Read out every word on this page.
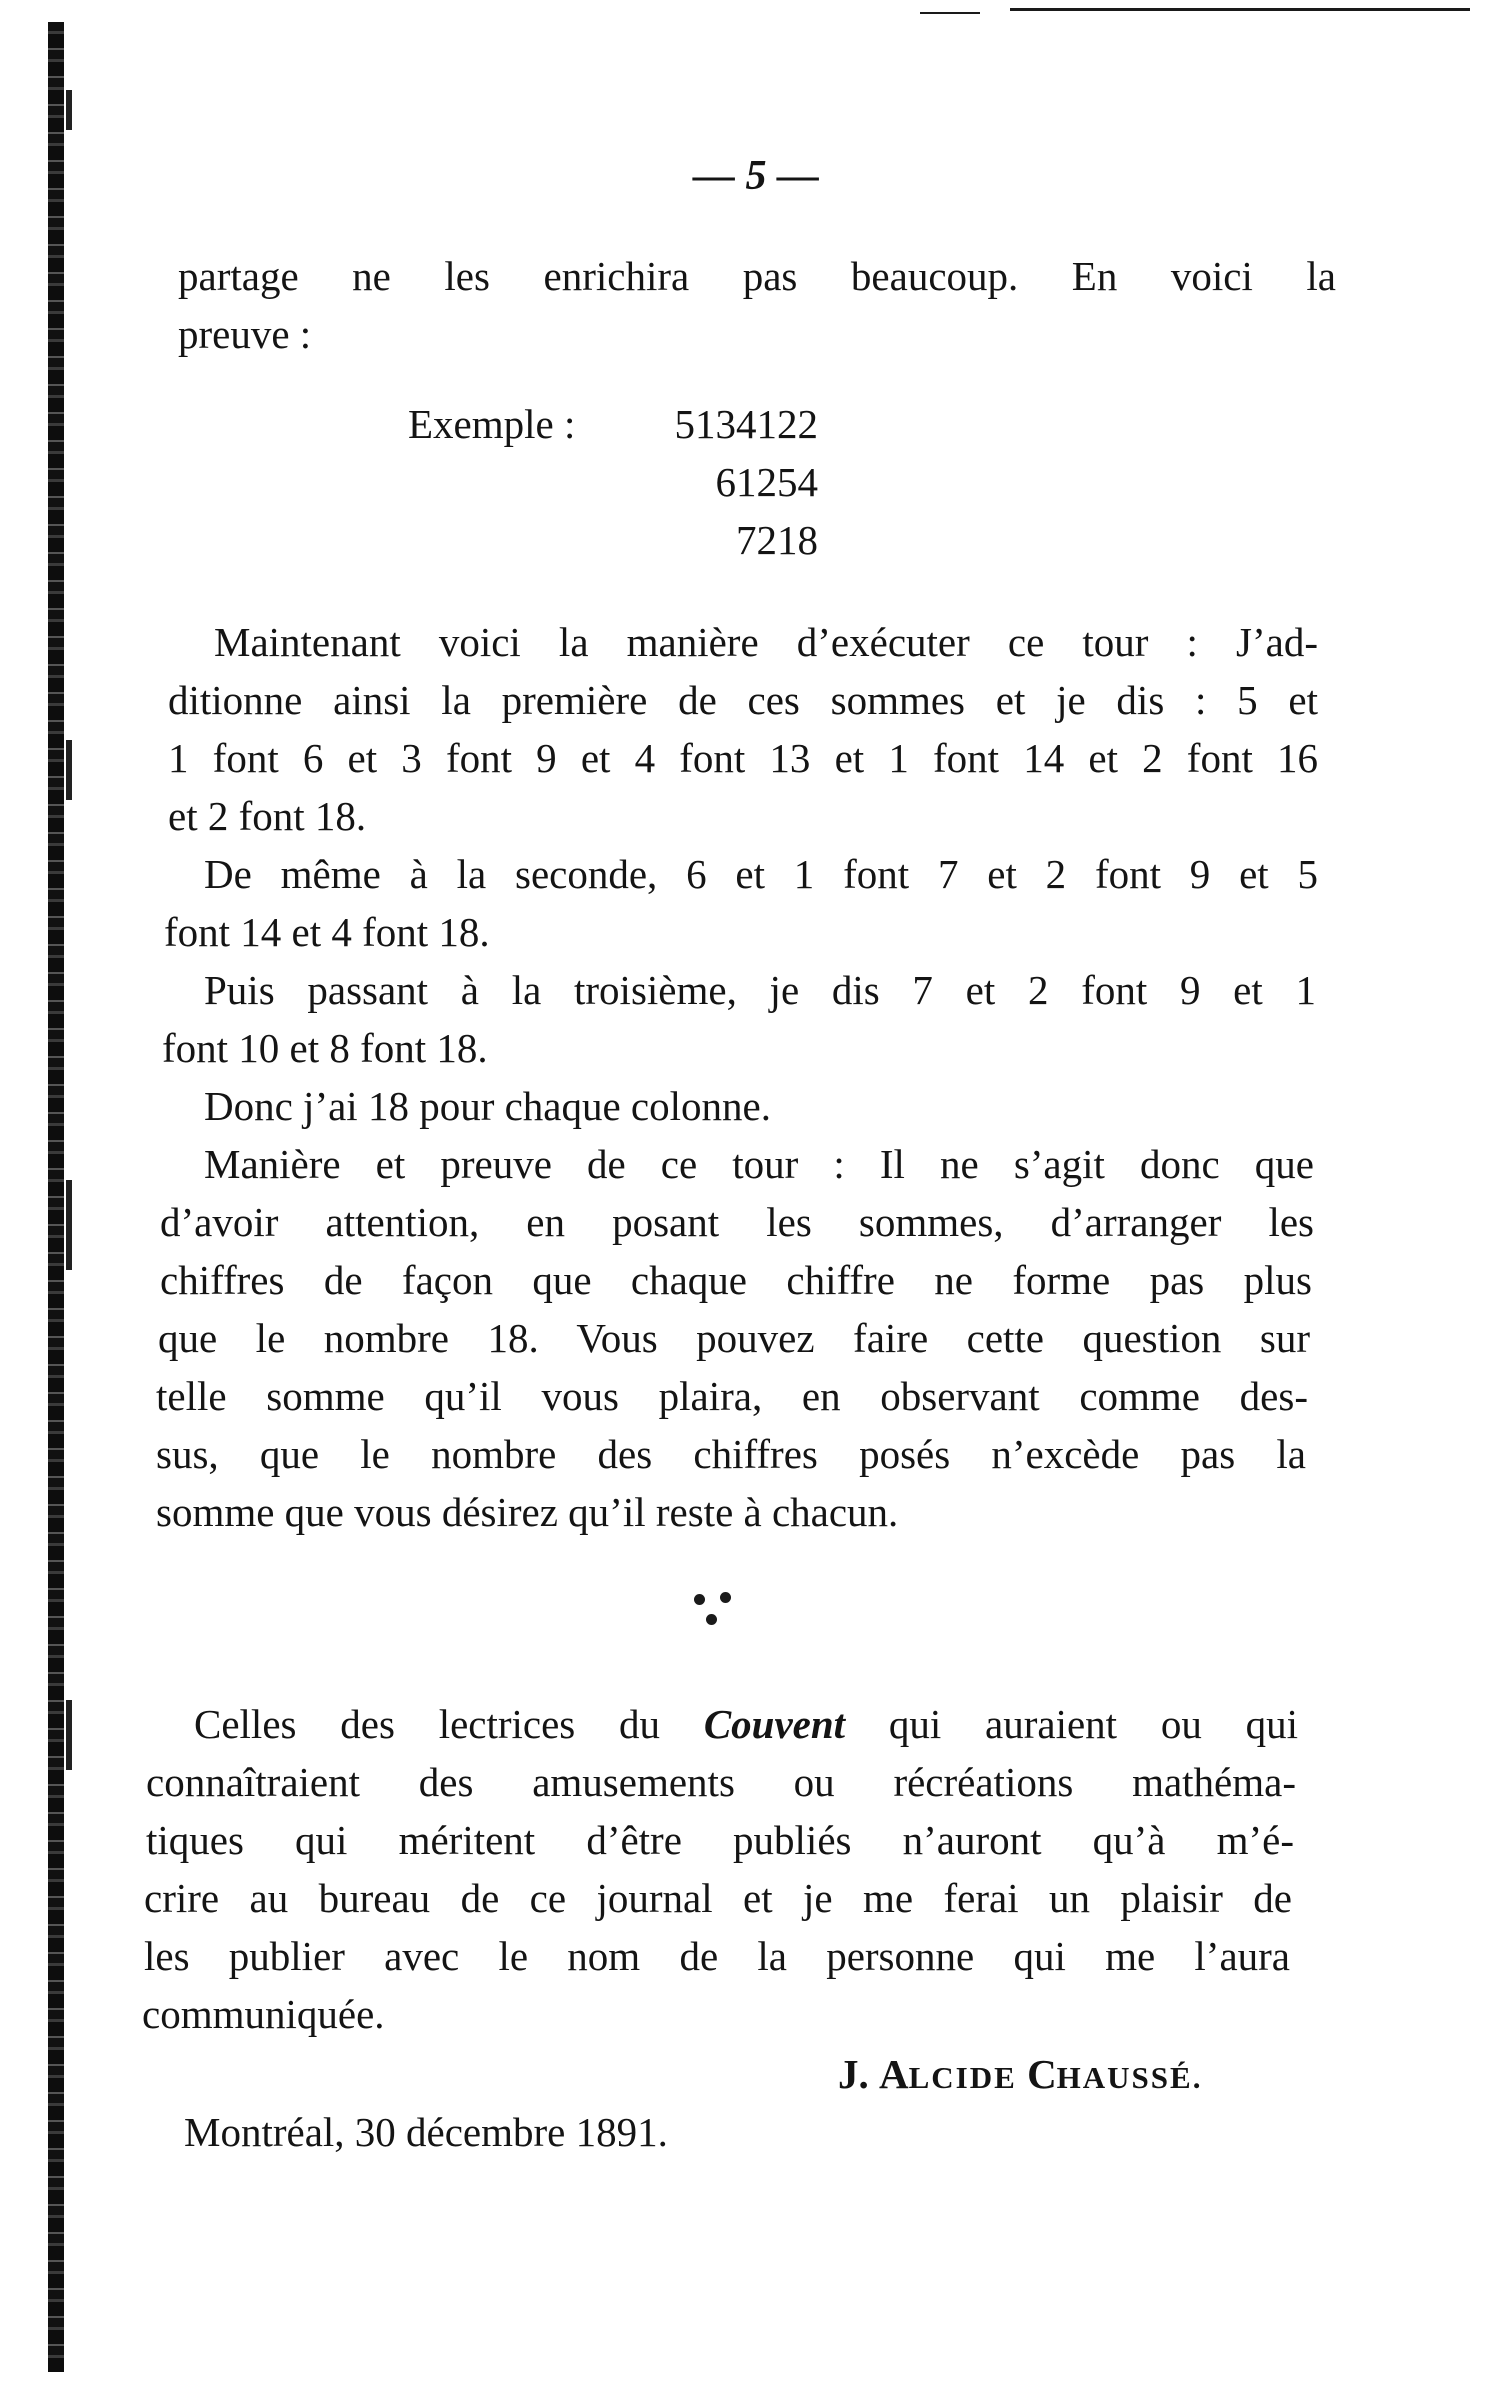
— 5 —
partage ne les enrichira pas beaucoup. En voici la
preuve :
Exemple :	5134122
61254
7218
Maintenant voici la manière d’exécuter ce tour : J’ad-
ditionne ainsi la première de ces sommes et je dis : 5 et
1 font 6 et 3 font 9 et 4 font 13 et 1 font 14 et 2 font 16
et 2 font 18.
De même à la seconde, 6 et 1 font 7 et 2 font 9 et 5
font 14 et 4 font 18.
Puis passant à la troisième, je dis 7 et 2 font 9 et 1
font 10 et 8 font 18.
Donc j’ai 18 pour chaque colonne.
Manière et preuve de ce tour : Il ne s’agit donc que
d’avoir attention, en posant les sommes, d’arranger les
chiffres de façon que chaque chiffre ne forme pas plus
que le nombre 18. Vous pouvez faire cette question sur
telle somme qu’il vous plaira, en observant comme des-
sus, que le nombre des chiffres posés n’excède pas la
somme que vous désirez qu’il reste à chacun.
Celles des lectrices du Couvent qui auraient ou qui
connaîtraient des amusements ou récréations mathéma-
tiques qui méritent d’être publiés n’auront qu’à m’é-
crire au bureau de ce journal et je me ferai un plaisir de
les publier avec le nom de la personne qui me l’aura
communiquée.
J. ALCIDE CHAUSSÉ.
Montréal, 30 décembre 1891.
